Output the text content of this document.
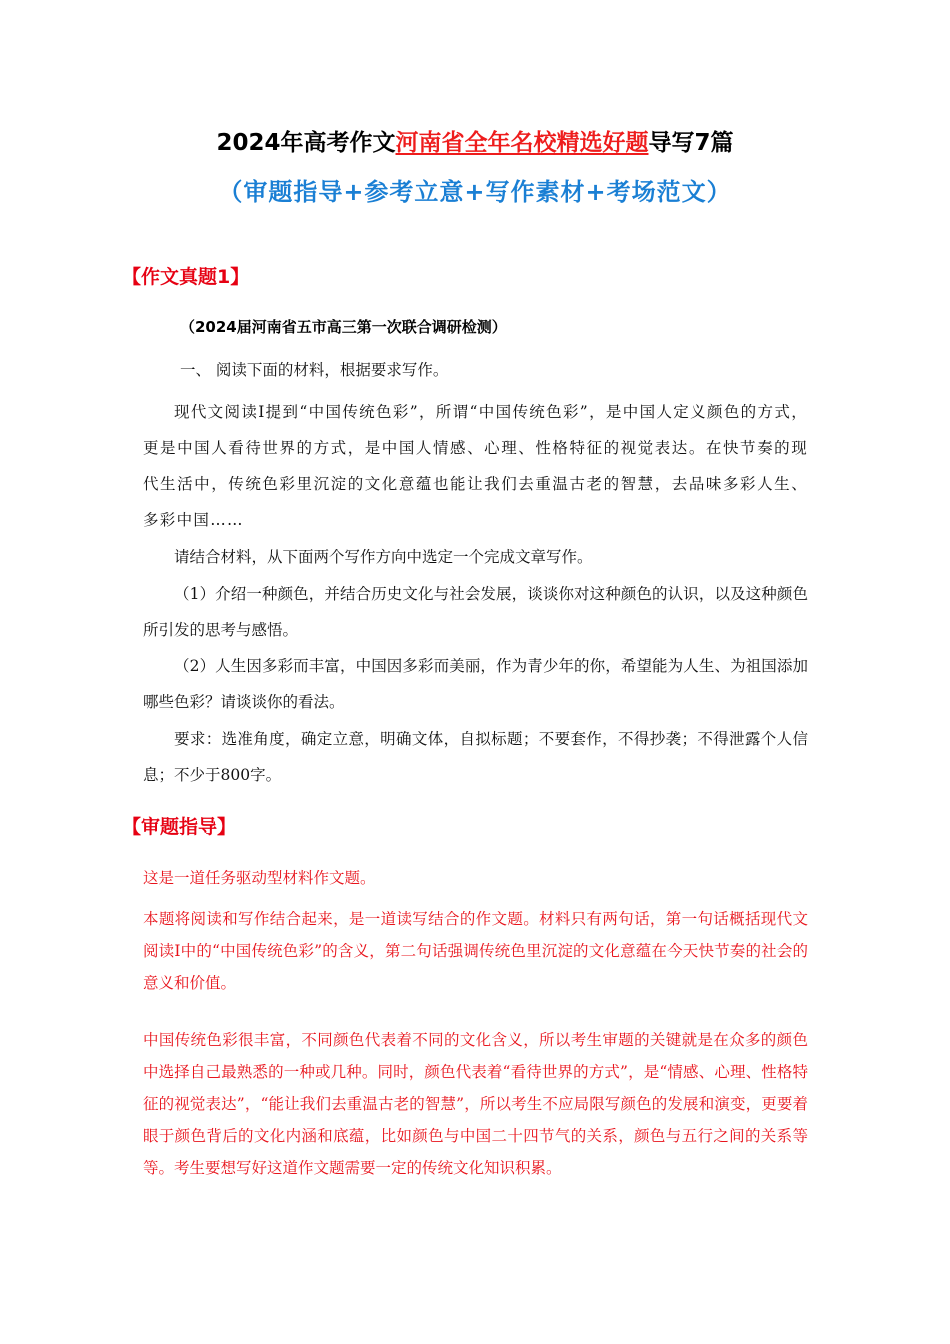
2024年高考作文河南省全年名校精选好题导写7篇
（审题指导+参考立意+写作素材+考场范文）
【作文真题1】
（2024届河南省五市高三第一次联合调研检测）
一、 阅读下面的材料，根据要求写作。
现代文阅读Ⅰ提到“中国传统色彩”，所谓“中国传统色彩”，是中国人定义颜色的方式，更是中国人看待世界的方式，是中国人情感、心理、性格特征的视觉表达。在快节奏的现代生活中，传统色彩里沉淀的文化意蕴也能让我们去重温古老的智慧，去品味多彩人生、多彩中国……
请结合材料，从下面两个写作方向中选定一个完成文章写作。
（1）介绍一种颜色，并结合历史文化与社会发展，谈谈你对这种颜色的认识，以及这种颜色所引发的思考与感悟。
（2）人生因多彩而丰富，中国因多彩而美丽，作为青少年的你，希望能为人生、为祖国添加哪些色彩？请谈谈你的看法。
要求：选准角度，确定立意，明确文体，自拟标题；不要套作，不得抄袭；不得泄露个人信息；不少于800字。
【审题指导】
这是一道任务驱动型材料作文题。
本题将阅读和写作结合起来，是一道读写结合的作文题。材料只有两句话，第一句话概括现代文阅读Ⅰ中的“中国传统色彩”的含义，第二句话强调传统色里沉淀的文化意蕴在今天快节奏的社会的意义和价值。
中国传统色彩很丰富，不同颜色代表着不同的文化含义，所以考生审题的关键就是在众多的颜色中选择自己最熟悉的一种或几种。同时，颜色代表着“看待世界的方式”，是“情感、心理、性格特征的视觉表达”，“能让我们去重温古老的智慧”，所以考生不应局限写颜色的发展和演变，更要着眼于颜色背后的文化内涵和底蕴，比如颜色与中国二十四节气的关系，颜色与五行之间的关系等等。考生要想写好这道作文题需要一定的传统文化知识积累。
